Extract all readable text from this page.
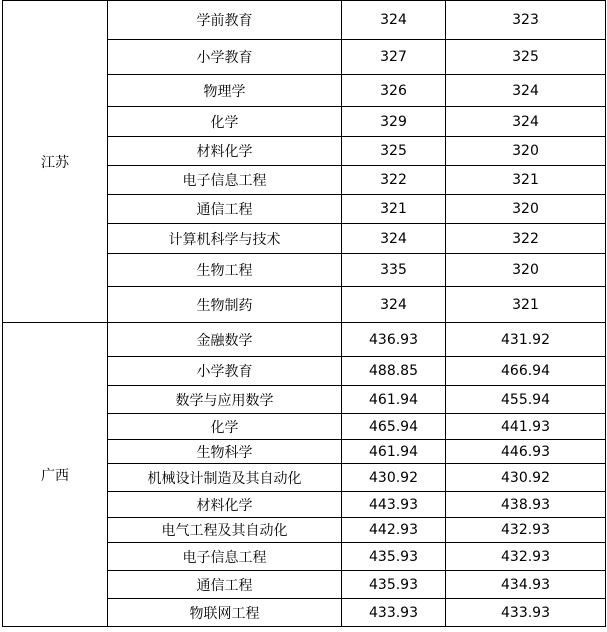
江苏	学前教育	324	323
	小学教育	327	325
	物理学	326	324
	化学	329	324
	材料化学	325	320
	电子信息工程	322	321
	通信工程	321	320
	计算机科学与技术	324	322
	生物工程	335	320
	生物制药	324	321
广西	金融数学	436.93	431.92
	小学教育	488.85	466.94
	数学与应用数学	461.94	455.94
	化学	465.94	441.93
	生物科学	461.94	446.93
	机械设计制造及其自动化	430.92	430.92
	材料化学	443.93	438.93
	电气工程及其自动化	442.93	432.93
	电子信息工程	435.93	432.93
	通信工程	435.93	434.93
	物联网工程	433.93	433.93
